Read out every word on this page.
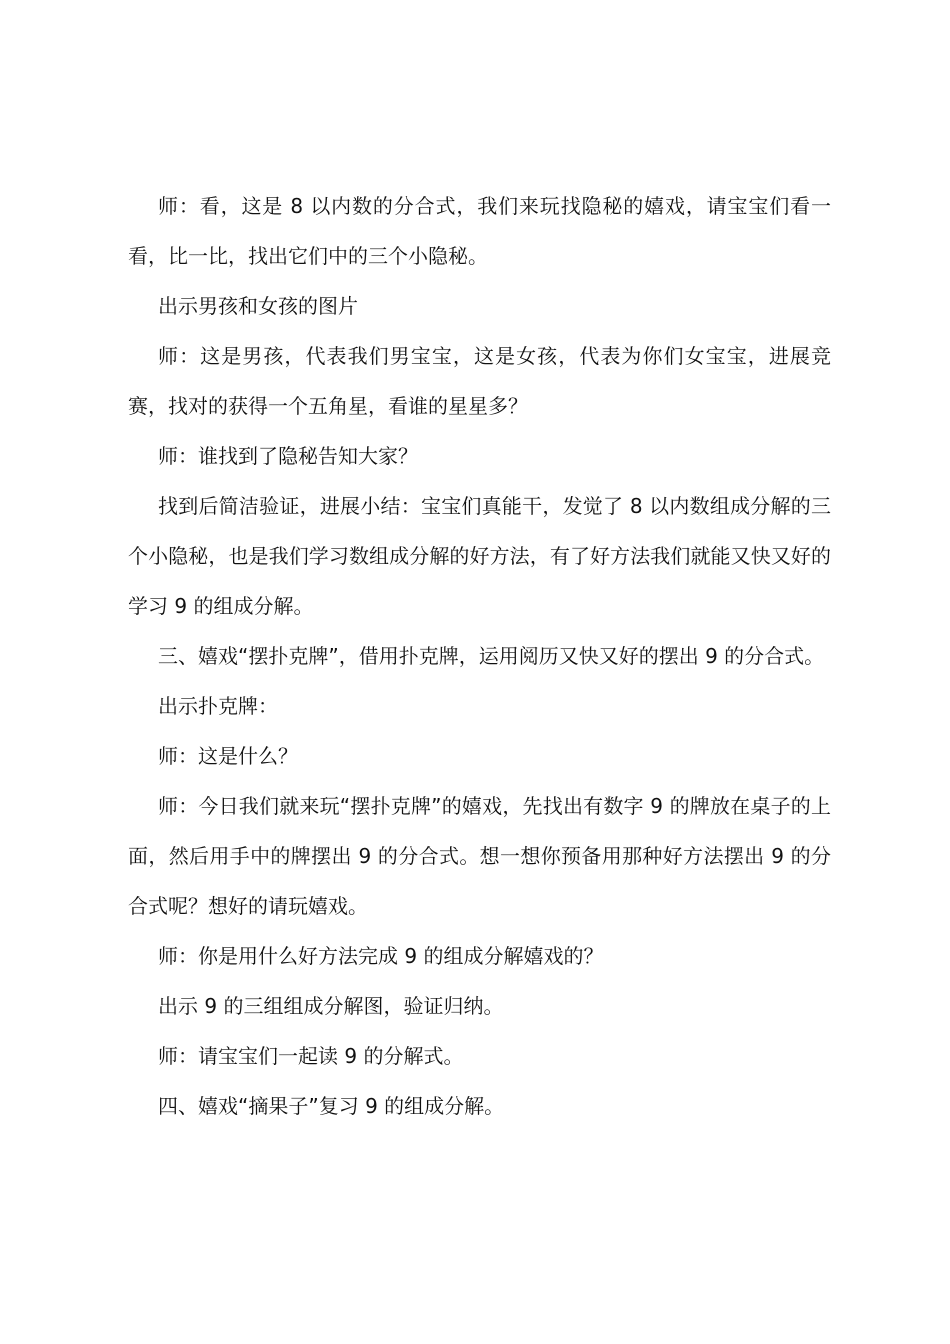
师：看，这是 8 以内数的分合式，我们来玩找隐秘的嬉戏，请宝宝们看一看，比一比，找出它们中的三个小隐秘。

出示男孩和女孩的图片

师：这是男孩，代表我们男宝宝，这是女孩，代表为你们女宝宝，进展竞赛，找对的获得一个五角星，看谁的星星多？

师：谁找到了隐秘告知大家？

找到后简洁验证，进展小结：宝宝们真能干，发觉了 8 以内数组成分解的三个小隐秘，也是我们学习数组成分解的好方法，有了好方法我们就能又快又好的学习 9 的组成分解。

三、嬉戏“摆扑克牌”，借用扑克牌，运用阅历又快又好的摆出 9 的分合式。

出示扑克牌：

师：这是什么？

师：今日我们就来玩“摆扑克牌”的嬉戏，先找出有数字 9 的牌放在桌子的上面，然后用手中的牌摆出 9 的分合式。想一想你预备用那种好方法摆出 9 的分合式呢？想好的请玩嬉戏。

师：你是用什么好方法完成 9 的组成分解嬉戏的？

出示 9 的三组组成分解图，验证归纳。

师：请宝宝们一起读 9 的分解式。

四、嬉戏“摘果子”复习 9 的组成分解。
